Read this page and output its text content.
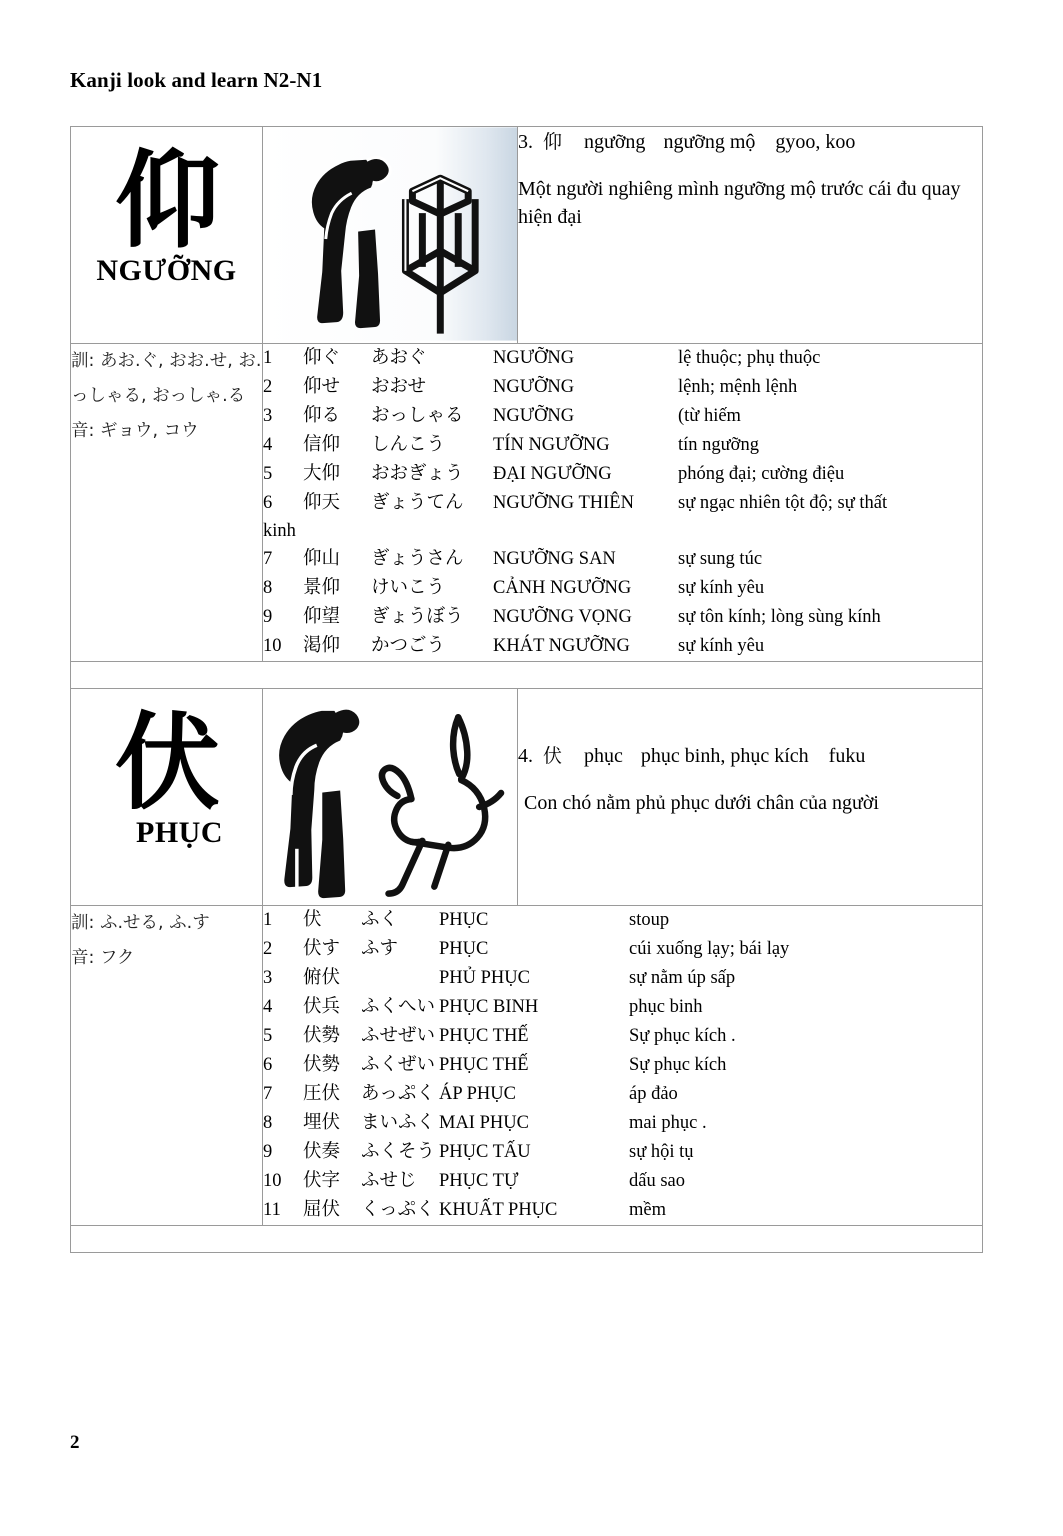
Kanji look and learn N2-N1
仰
NGƯỠNG

3. 仰 ngưỡng ngưỡng mộ gyoo, koo

Một người nghiêng mình ngưỡng mộ trước cái đu quay hiện đại

訓: あお.ぐ, おお.せ, お.っしゃる, おっしゃ.る
音: ギョウ, コウ

1	仰ぐ	あおぐ	NGƯỠNG	lệ thuộc; phụ thuộc
2	仰せ	おおせ	NGƯỠNG	lệnh; mệnh lệnh
3	仰る	おっしゃる	NGƯỠNG	(từ hiếm
4	信仰	しんこう	TÍN NGƯỠNG	tín ngưỡng
5	大仰	おおぎょう	ĐẠI NGƯỠNG	phóng đại; cường điệu
6	仰天	ぎょうてん	NGƯỠNG THIÊN	sự ngạc nhiên tột độ; sự thất

kinh

7	仰山	ぎょうさん	NGƯỠNG SAN	sự sung túc
8	景仰	けいこう	CẢNH NGƯỠNG	sự kính yêu
9	仰望	ぎょうぼう	NGƯỠNG VỌNG	sự tôn kính; lòng sùng kính
10	渇仰	かつごう	KHÁT NGƯỠNG	sự kính yêu

伏
PHỤC

4. 伏 phục phục binh, phục kích fuku

Con chó nằm phủ phục dưới chân của người

訓: ふ.せる, ふ.す
音: フク

1	伏	ふく	PHỤC	stoup
2	伏す	ふす	PHỤC	cúi xuống lạy; bái lạy
3	俯伏		PHỦ PHỤC	sự nằm úp sấp
4	伏兵	ふくへい	PHỤC BINH	phục binh
5	伏勢	ふせぜい	PHỤC THẾ	Sự phục kích .
6	伏勢	ふくぜい	PHỤC THẾ	Sự phục kích
7	圧伏	あっぷく	ÁP PHỤC	áp đảo
8	埋伏	まいふく	MAI PHỤC	mai phục .
9	伏奏	ふくそう	PHỤC TẤU	sự hội tụ
10	伏字	ふせじ	PHỤC TỰ	dấu sao
11	屈伏	くっぷく	KHUẤT PHỤC	mềm

2
